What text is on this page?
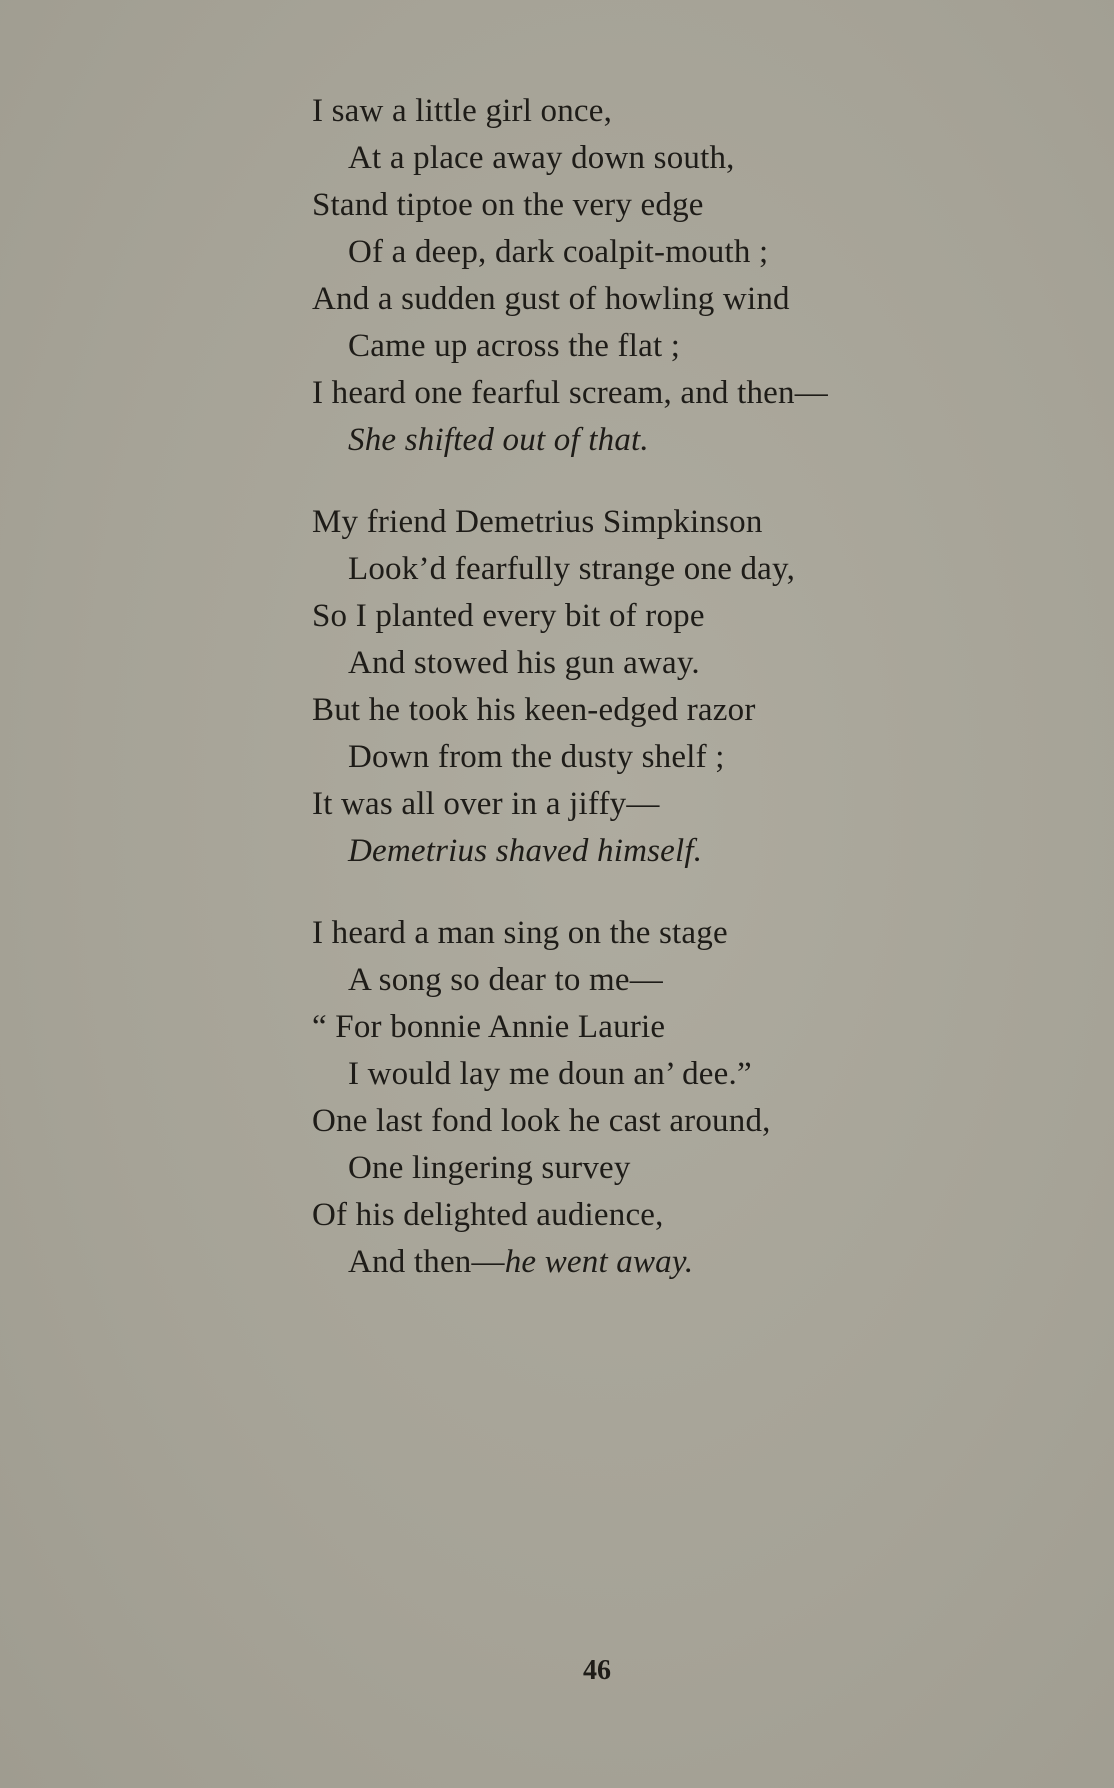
I saw a little girl once,
At a place away down south,
Stand tiptoe on the very edge
Of a deep, dark coalpit-mouth ;
And a sudden gust of howling wind
Came up across the flat ;
I heard one fearful scream, and then—
She shifted out of that.
My friend Demetrius Simpkinson
Look’d fearfully strange one day,
So I planted every bit of rope
And stowed his gun away.
But he took his keen-edged razor
Down from the dusty shelf ;
It was all over in a jiffy—
Demetrius shaved himself.
I heard a man sing on the stage
A song so dear to me—
“ For bonnie Annie Laurie
I would lay me doun an’ dee.”
One last fond look he cast around,
One lingering survey
Of his delighted audience,
And then—he went away.
46
